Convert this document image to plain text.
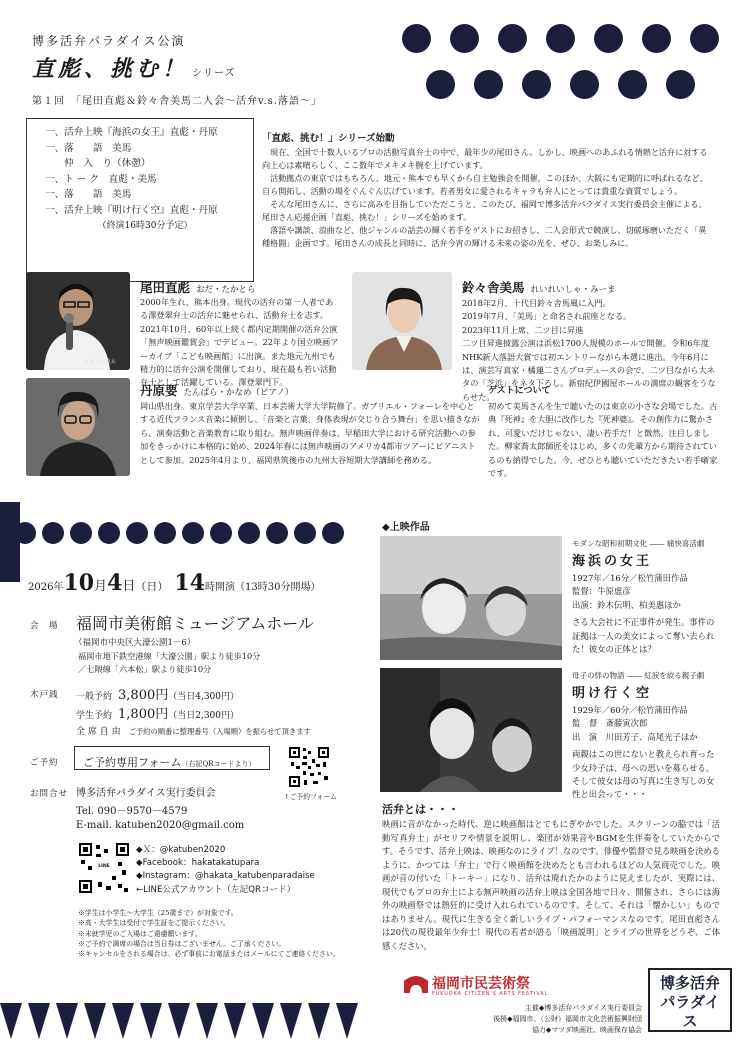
博多活弁パラダイス公演
直彪、挑む！ シリーズ
第１回　「尾田直彪＆鈴々舎美馬二人会～活弁v.s.落語～」
一、活弁上映『海浜の女王』直彪・丹原
一、落　　語　美馬
　　仲　入　り（休憩）
一、ト ー ク　直彪・美馬
一、落　　語　美馬
一、活弁上映『明け行く空』直彪・丹原
（終演16時30分予定）
「直彪、挑む！」シリーズ始動

現在、全国で十数人いるプロの活動写真弁士の中で、最年少の尾田さん。しかし、映画へのあふれる情熱と活弁に対する向上心は素晴らしく、ここ数年でメキメキ腕を上げています。

活動拠点の東京ではもちろん、地元・熊本でも早くから自主勉強会を開催。このほか、大阪にも定期的に呼ばれるなど、自ら開拓し、活動の場をぐんぐん広げています。若者男女に愛されるキャラも弁人にとっては貴重な資質でしょう。

そんな尾田さんに、さらに高みを目指していただこうと、このたび、福岡で博多活弁パラダイス実行委員会主催による、尾田さん応援企画「直彪、挑む！」シリーズを始めます。

落語や講談、浪曲など、他ジャンルの話芸の輝く若手をゲストにお招きし、二人会形式で競演し、切磋琢磨いただく「異種格闘」企画です。尾田さんの成長と同時に、活弁今宵の輝ける未来の姿の光を、ぜひ、お楽しみに。

写真 向山慎太
尾田直彪 おだ・たかとら
2000年生れ、熊本出身。現代の活弁の第一人者である澤登翠弁士の活弁に魅せられ、活動弁士を志す。2021年10月、60年以上続く都内定期開催の活弁公演「無声映画鑑賞会」でデビュー。22年より国立映画アーカイブ「こども映画館」に出演。また地元九州でも精力的に活弁公演を開催しており、現在最も若い活動弁士として活躍している。澤登翠門下。
鈴々舎美馬 れいれいしゃ・みーま
2018年2月、十代目鈴々舎馬風に入門。
2019年7月、「美馬」と命名され前座となる。
2023年11月上席、二ツ目に昇進
二ツ目昇進披露公演は浜松1700人規模のホールで開催。令和6年度NHK新人落語大賞では初エントリーながら本選に進出。今年6月には、演芸写真家・橘蓮二さんプロデュースの会で、二ツ目ながら大ネタの「芝浜」をネタ下ろし。新宿紀伊國屋ホールの満席の観客をうならせた。
丹原要 たんばら・かなめ（ピアノ）
岡山県出身。東京学芸大学卒業、日本芸術大学大学院修了。ガブリエル・フォーレを中心とする近代フランス音楽に傾倒し、「音楽と言葉、身体表現が交じり合う舞台」を思い描きながら、演奏活動と音楽教育に取り組む。無声映画伴奏は、早稲田大学における研究活動への参加をきっかけに本格的に始め、2024年春には無声映画のアメリカ4都市ツアーにピアニストとして参加。2025年4月より、福岡県筑後市の九州大谷短期大学講師を務める。
ゲストについて
初めて美馬さんを生で聴いたのは東京の小さな会場でした。古典『死神』を大胆に改作した『死神婆』。その創作力に驚かされ、可愛いだけじゃない、凄い若手だ！と徴然、注目しました。柳家喬太郎師匠をはじめ、多くの先輩方から期待されているのも納得でした。今、ぜひとも聴いていただきたい若手噺家です。
2026年10月4日（日） 14時開演（13時30分開場）
会　場 福岡市美術館ミュージアムホール
（福岡市中央区大濠公園1－6）
福岡市地下鉄空港線「大濠公園」駅より徒歩10分
／七隈線「六本松」駅より徒歩10分
木戸銭 一般予約 3,800円（当日4,300円）
学生予約 1,800円（当日2,300円）
全 席 自 由 ご予約の順番に整理番号（入場順）を振らせて頂きます
ご予約	ご予約専用フォーム（右記QRコードより）
↑ご予約フォーム
お問合せ 博多活弁パラダイス実行委員会
Tel. 090－9570－4579
E-mail. katuben2020@gmail.com
LINE
◆Ｘ：@katuben2020
◆Facebook：hakatakatupara
◆Instagram：@hakata_katubenparadaise
←LINE公式アカウント（左記QRコード）
※学生は小学生～大学生（25歳まで）が対象です。
※高・大学生は受付で学生証をご提示ください。
※未就学児のご入場はご遠慮願います。
※ご予約で満席の場合は当日券はございません。ご了承ください。
※キャンセルをされる場合は、必ず事前にお電話またはメールにてご連絡ください。
◆上映作品
モダンな昭和初期文化 ―― 痛快喜活劇
海浜の女王
1927年／16分／松竹蒲田作品
監督：牛原虚彦
出演：鈴木伝明、柏美惠ほか
さる大会社に不正事件が発生。事件の証拠は一人の美女によって奪い去られた！彼女の正体とは？
母子の絆の物語 ―― 紅涙を絞る親子劇
明け行く空
1929年／60分／松竹蒲田作品
監　督　斎藤寅次郎
出　演　川田芳子、高尾光子ほか
両親はこの世にないと教えられ育った少女玲子は、母への思いを募らせる。そして彼女は母の写真に生き写しの女性と出会って・・・
活弁とは・・・
映画に音がなかった時代、逆に映画館はとてもにぎやかでした。スクリーンの脇では「活動写真弁士」がセリフや情景を説明し、楽団が効果音やBGMを生伴奏をしていたからです。そうです、活弁上映は、映画なのにライブ！なのです。俳優や監督で見る映画を決めるように、かつては「弁士」で行く映画館を決めたとも言われるほどの人気商売でした。映画が音の付いた「トーキー」になり、活弁は廃れたかのように見えましたが、実際には、現代でもプロの弁士による無声映画の活弁上映は全国各地で日々、開催され、さらには海外の映画祭では熱狂的に受け入れられているのです。そして、それは「懐かしい」ものではありません。現代に生きる全く新しいライブ・パフォーマンスなのです。尾田直彪さんは20代の現役最年少弁士！現代の若者が語る「映画説明」とライブの世界をどうぞ、ご体感ください。
福岡市民芸術祭
FUKUOKA CITIZEN'S ARTS FESTIVAL
主催◆博多活弁パラダイス実行委員会
後援◆福岡市、（公財）福岡市文化芸術振興財団
協力◆マツダ映画社、映画保存協会
博多活弁パラダイス
